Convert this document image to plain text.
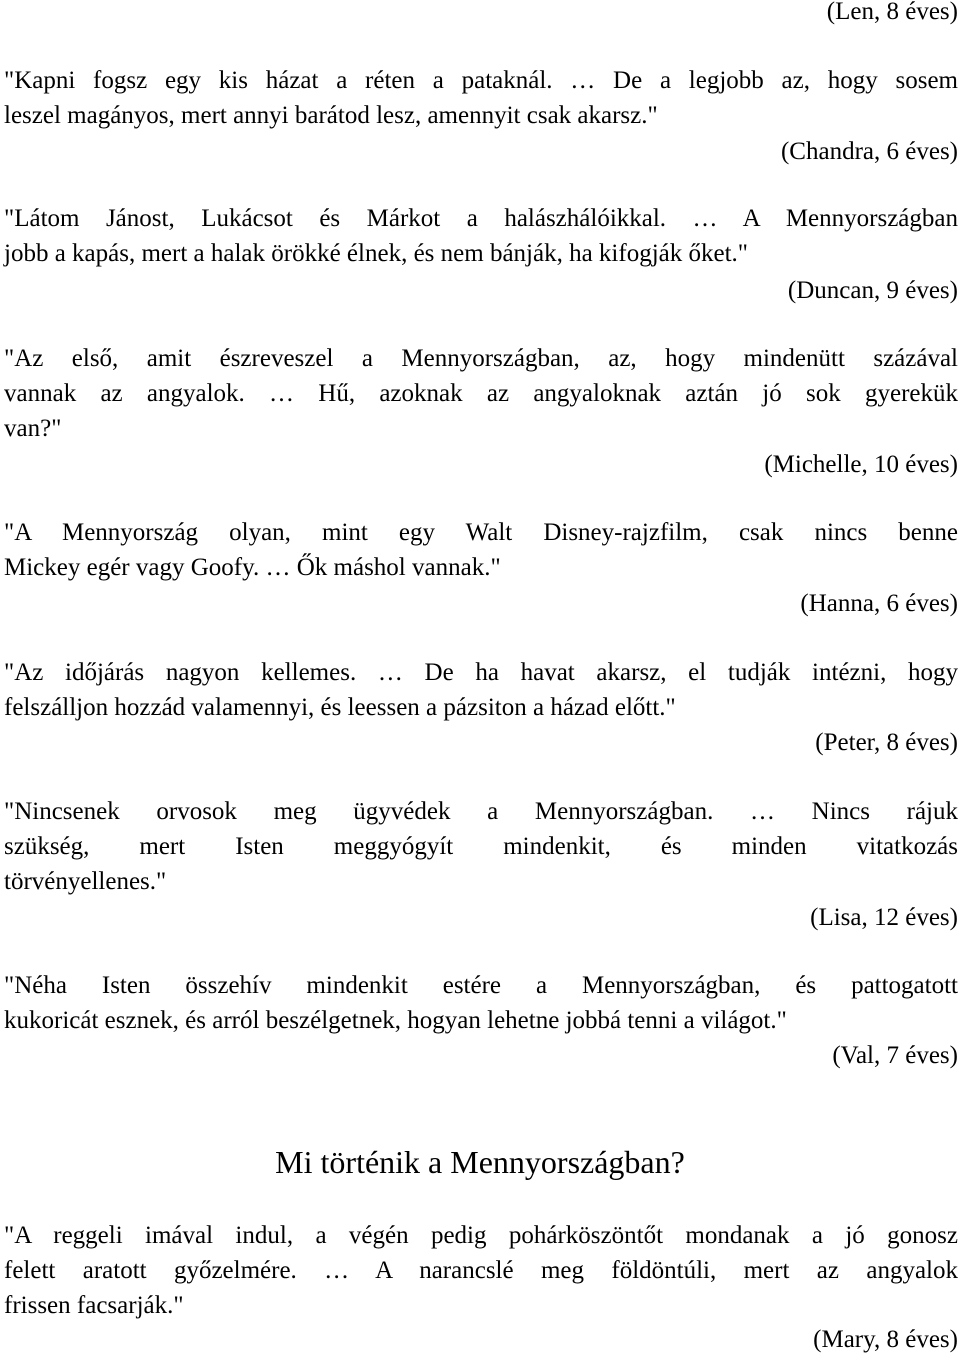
(Len, 8 éves)
"Kapni fogsz egy kis házat a réten a pataknál. … De a legjobb az, hogy sosem
leszel magányos, mert annyi barátod lesz, amennyit csak akarsz."
(Chandra, 6 éves)
"Látom Jánost, Lukácsot és Márkot a halászhálóikkal. … A Mennyországban
jobb a kapás, mert a halak örökké élnek, és nem bánják, ha kifogják őket."
(Duncan, 9 éves)
"Az első, amit észreveszel a Mennyországban, az, hogy mindenütt százával
vannak az angyalok. … Hű, azoknak az angyaloknak aztán jó sok gyerekük
van?"
(Michelle, 10 éves)
"A Mennyország olyan, mint egy Walt Disney-rajzfilm, csak nincs benne
Mickey egér vagy Goofy. … Ők máshol vannak."
(Hanna, 6 éves)
"Az időjárás nagyon kellemes. … De ha havat akarsz, el tudják intézni, hogy
felszálljon hozzád valamennyi, és leessen a pázsiton a házad előtt."
(Peter, 8 éves)
"Nincsenek orvosok meg ügyvédek a Mennyországban. … Nincs rájuk
szükség, mert Isten meggyógyít mindenkit, és minden vitatkozás
törvényellenes."
(Lisa, 12 éves)
"Néha Isten összehív mindenkit estére a Mennyországban, és pattogatott
kukoricát esznek, és arról beszélgetnek, hogyan lehetne jobbá tenni a világot."
(Val, 7 éves)
Mi történik a Mennyországban?
"A reggeli imával indul, a végén pedig pohárköszöntőt mondanak a jó gonosz
felett aratott győzelmére. … A narancslé meg földöntúli, mert az angyalok
frissen facsarják."
(Mary, 8 éves)
